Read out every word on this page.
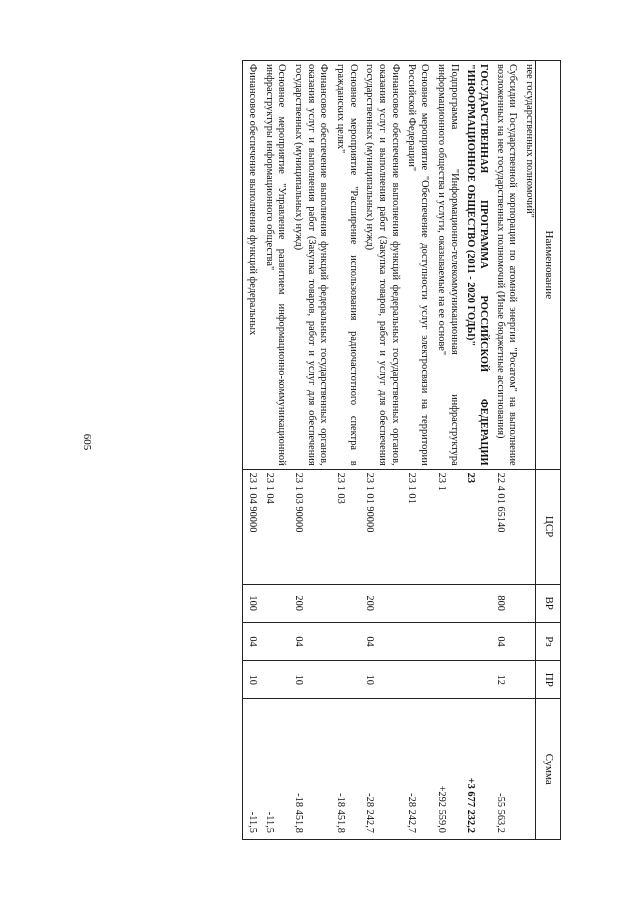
605
Наименование	ЦСР	ВР	Рз	ПР	Сумма
нее государственных полномочий"					
Субсидии Государственной корпорации по атомной энергии "Росатом" на выполнение возложенных на нее государственных полномочий (Иные бюджетные ассигнования)	22 4 01 65140	800	04	12	-55 563,2
ГОСУДАРСТВЕННАЯ ПРОГРАММА РОССИЙСКОЙ ФЕДЕРАЦИИ "ИНФОРМАЦИОННОЕ ОБЩЕСТВО (2011 - 2020 ГОДЫ)"	23				+3 677 232,2
Подпрограмма "Информационно-телекоммуникационная инфраструктура информационного общества и услуги, оказываемые на ее основе"	23 1				+292 559,0
Основное мероприятие "Обеспечение доступности услуг электросвязи на территории Российской Федерации"	23 1 01				-28 242,7
Финансовое обеспечение выполнения функций федеральных государственных органов, оказания услуг и выполнения работ (Закупка товаров, работ и услуг для обеспечения государственных (муниципальных) нужд)	23 1 01 90000	200	04	10	-28 242,7
Основное мероприятие "Расширение использования радиочастотного спектра в гражданских целях"	23 1 03				-18 451,8
Финансовое обеспечение выполнения функций федеральных государственных органов, оказания услуг и выполнения работ (Закупка товаров, работ и услуг для обеспечения государственных (муниципальных) нужд)	23 1 03 90000	200	04	10	-18 451,8
Основное мероприятие "Управление развитием информационно-коммуникационной инфраструктуры информационного общества"	23 1 04				-11,5
Финансовое обеспечение выполнения функций федеральных	23 1 04 90000	100	04	10	-11,5
